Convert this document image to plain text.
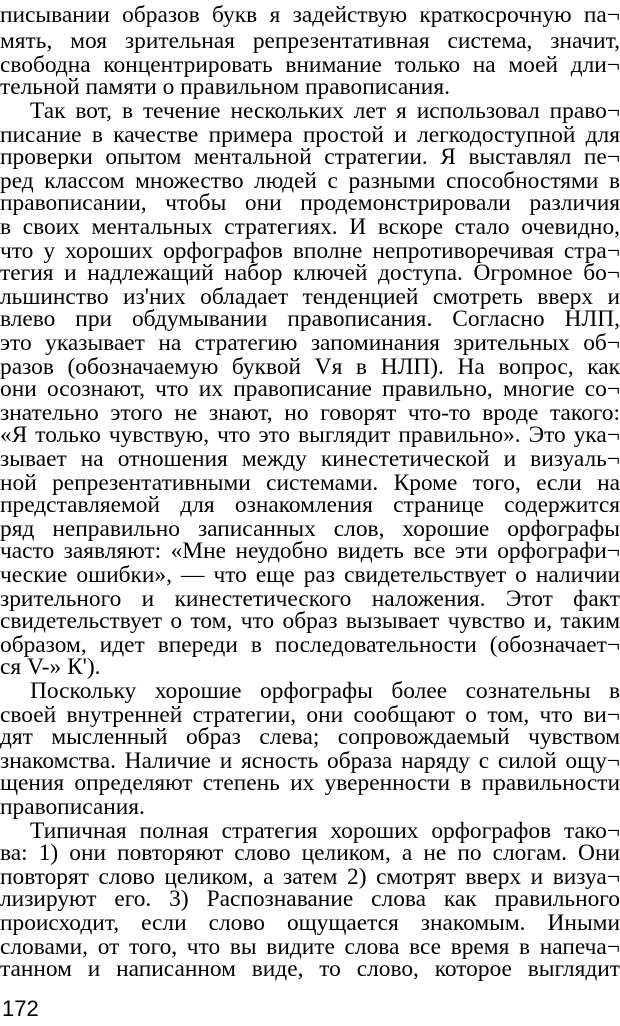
писывании образов букв я задействую краткосрочную па¬
мять, моя зрительная репрезентативная система, значит,
свободна концентрировать внимание только на моей дли¬
тельной памяти о правильном правописания.
Так вот, в течение нескольких лет я использовал право¬
писание в качестве примера простой и легкодоступной для
проверки опытом ментальной стратегии. Я выставлял пе¬
ред классом множество людей с разными способностями в
правописании, чтобы они продемонстрировали различия
в своих ментальных стратегиях. И вскоре стало очевидно,
что у хороших орфографов вполне непротиворечивая стра¬
тегия и надлежащий набор ключей доступа. Огромное бо¬
льшинство из'них обладает тенденцией смотреть вверх и
влево при обдумывании правописания. Согласно НЛП,
это указывает на стратегию запоминания зрительных об¬
разов (обозначаемую буквой Vя в НЛП). На вопрос, как
они осознают, что их правописание правильно, многие со¬
знательно этого не знают, но говорят что-то вроде такого:
«Я только чувствую, что это выглядит правильно». Это ука¬
зывает на отношения между кинестетической и визуаль¬
ной репрезентативными системами. Кроме того, если на
представляемой для ознакомления странице содержится
ряд неправильно записанных слов, хорошие орфографы
часто заявляют: «Мне неудобно видеть все эти орфографи¬
ческие ошибки», — что еще раз свидетельствует о наличии
зрительного и кинестетического наложения. Этот факт
свидетельствует о том, что образ вызывает чувство и, таким
образом, идет впереди в последовательности (обозначает¬
ся V-» К').
Поскольку хорошие орфографы более сознательны в
своей внутренней стратегии, они сообщают о том, что ви¬
дят мысленный образ слева; сопровождаемый чувством
знакомства. Наличие и ясность образа наряду с силой ощу¬
щения определяют степень их уверенности в правильности
правописания.
Типичная полная стратегия хороших орфографов тако¬
ва: 1) они повторяют слово целиком, а не по слогам. Они
повторят слово целиком, а затем 2) смотрят вверх и визуа¬
лизируют его. 3) Распознавание слова как правильного
происходит, если слово ощущается знакомым. Иными
словами, от того, что вы видите слова все время в напеча¬
танном и написанном виде, то слово, которое выглядит
172
